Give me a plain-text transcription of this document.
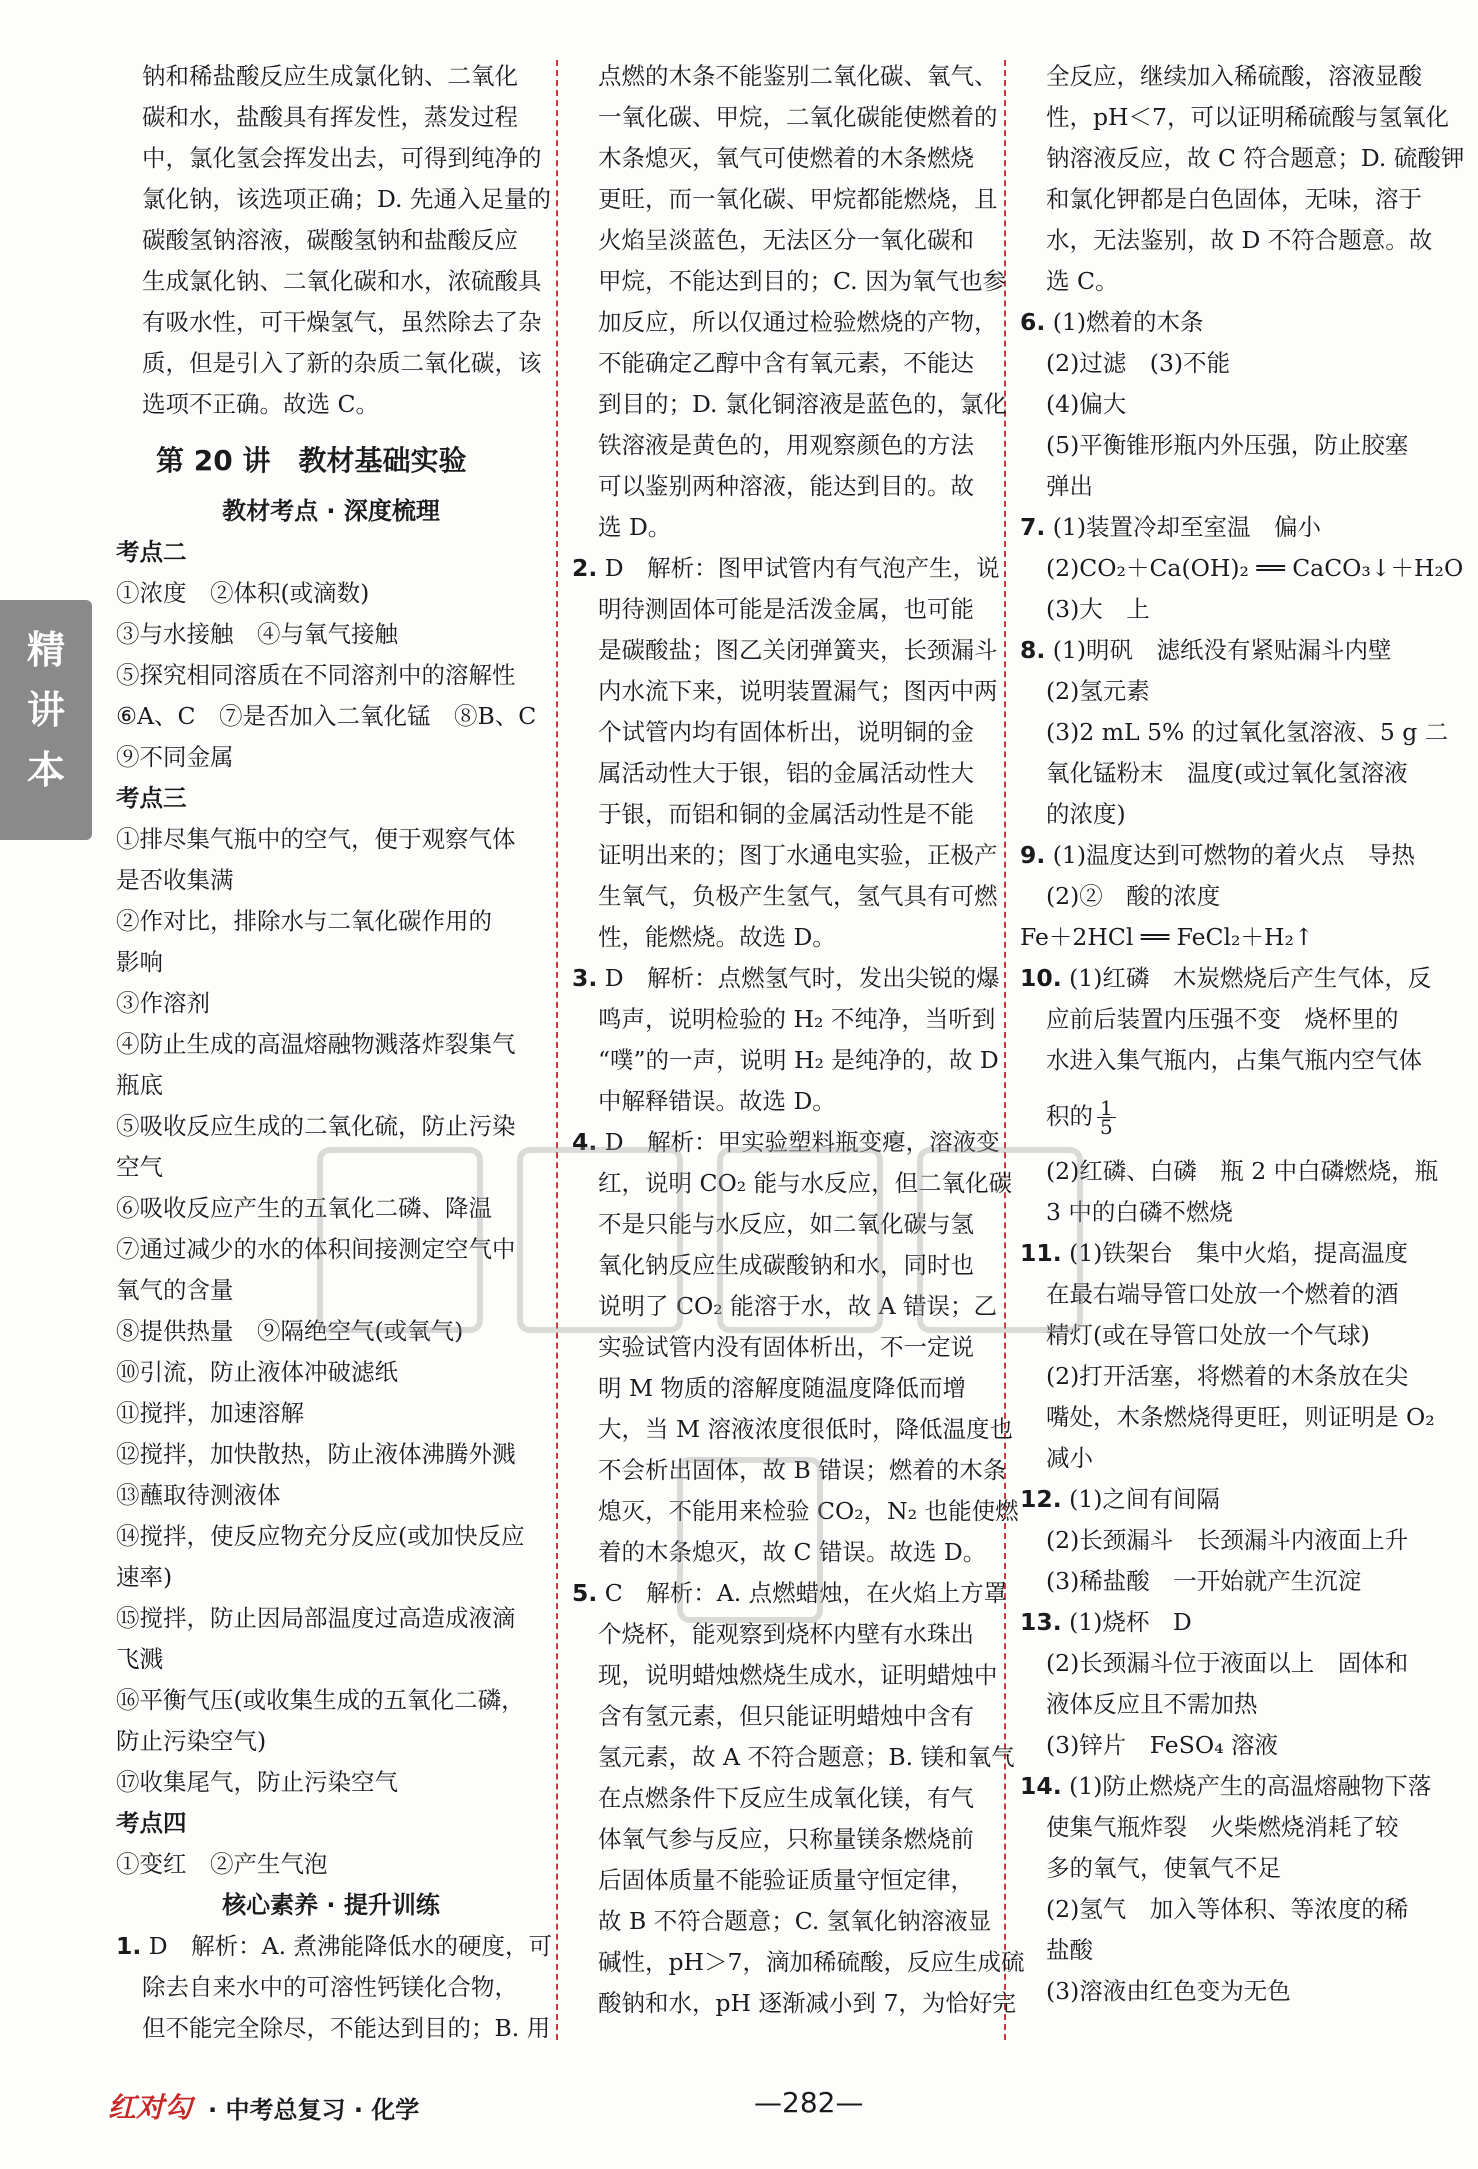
精
讲
本
钠和稀盐酸反应生成氯化钠、二氧化
碳和水，盐酸具有挥发性，蒸发过程
中，氯化氢会挥发出去，可得到纯净的
氯化钠，该选项正确；D. 先通入足量的
碳酸氢钠溶液，碳酸氢钠和盐酸反应
生成氯化钠、二氧化碳和水，浓硫酸具
有吸水性，可干燥氢气，虽然除去了杂
质，但是引入了新的杂质二氧化碳，该
选项不正确。故选 C。
第 20 讲　教材基础实验
教材考点 · 深度梳理
考点二
①浓度　②体积(或滴数)
③与水接触　④与氧气接触
⑤探究相同溶质在不同溶剂中的溶解性
⑥A、C　⑦是否加入二氧化锰　⑧B、C
⑨不同金属
考点三
①排尽集气瓶中的空气，便于观察气体
是否收集满
②作对比，排除水与二氧化碳作用的
影响
③作溶剂
④防止生成的高温熔融物溅落炸裂集气
瓶底
⑤吸收反应生成的二氧化硫，防止污染
空气
⑥吸收反应产生的五氧化二磷、降温
⑦通过减少的水的体积间接测定空气中
氧气的含量
⑧提供热量　⑨隔绝空气(或氧气)
⑩引流，防止液体冲破滤纸
⑪搅拌，加速溶解
⑫搅拌，加快散热，防止液体沸腾外溅
⑬蘸取待测液体
⑭搅拌，使反应物充分反应(或加快反应
速率)
⑮搅拌，防止因局部温度过高造成液滴
飞溅
⑯平衡气压(或收集生成的五氧化二磷，
防止污染空气)
⑰收集尾气，防止污染空气
考点四
①变红　②产生气泡
核心素养 · 提升训练
1. D　解析：A. 煮沸能降低水的硬度，可
除去自来水中的可溶性钙镁化合物，
但不能完全除尽，不能达到目的；B. 用
点燃的木条不能鉴别二氧化碳、氧气、
一氧化碳、甲烷，二氧化碳能使燃着的
木条熄灭，氧气可使燃着的木条燃烧
更旺，而一氧化碳、甲烷都能燃烧，且
火焰呈淡蓝色，无法区分一氧化碳和
甲烷，不能达到目的；C. 因为氧气也参
加反应，所以仅通过检验燃烧的产物，
不能确定乙醇中含有氧元素，不能达
到目的；D. 氯化铜溶液是蓝色的，氯化
铁溶液是黄色的，用观察颜色的方法
可以鉴别两种溶液，能达到目的。故
选 D。
2. D　解析：图甲试管内有气泡产生，说
明待测固体可能是活泼金属，也可能
是碳酸盐；图乙关闭弹簧夹，长颈漏斗
内水流下来，说明装置漏气；图丙中两
个试管内均有固体析出，说明铜的金
属活动性大于银，铝的金属活动性大
于银，而铝和铜的金属活动性是不能
证明出来的；图丁水通电实验，正极产
生氧气，负极产生氢气，氢气具有可燃
性，能燃烧。故选 D。
3. D　解析：点燃氢气时，发出尖锐的爆
鸣声，说明检验的 H₂ 不纯净，当听到
“噗”的一声，说明 H₂ 是纯净的，故 D
中解释错误。故选 D。
4. D　解析：甲实验塑料瓶变瘪，溶液变
红，说明 CO₂ 能与水反应，但二氧化碳
不是只能与水反应，如二氧化碳与氢
氧化钠反应生成碳酸钠和水，同时也
说明了 CO₂ 能溶于水，故 A 错误；乙
实验试管内没有固体析出，不一定说
明 M 物质的溶解度随温度降低而增
大，当 M 溶液浓度很低时，降低温度也
不会析出固体，故 B 错误；燃着的木条
熄灭，不能用来检验 CO₂，N₂ 也能使燃
着的木条熄灭，故 C 错误。故选 D。
5. C　解析：A. 点燃蜡烛，在火焰上方罩
个烧杯，能观察到烧杯内壁有水珠出
现，说明蜡烛燃烧生成水，证明蜡烛中
含有氢元素，但只能证明蜡烛中含有
氢元素，故 A 不符合题意；B. 镁和氧气
在点燃条件下反应生成氧化镁，有气
体氧气参与反应，只称量镁条燃烧前
后固体质量不能验证质量守恒定律，
故 B 不符合题意；C. 氢氧化钠溶液显
碱性，pH＞7，滴加稀硫酸，反应生成硫
酸钠和水，pH 逐渐减小到 7，为恰好完
全反应，继续加入稀硫酸，溶液显酸
性，pH＜7，可以证明稀硫酸与氢氧化
钠溶液反应，故 C 符合题意；D. 硫酸钾
和氯化钾都是白色固体，无味，溶于
水，无法鉴别，故 D 不符合题意。故
选 C。
6. (1)燃着的木条
(2)过滤　(3)不能
(4)偏大
(5)平衡锥形瓶内外压强，防止胶塞
弹出
7. (1)装置冷却至室温　偏小
(2)CO₂＋Ca(OH)₂ ══ CaCO₃↓＋H₂O
(3)大　上
8. (1)明矾　滤纸没有紧贴漏斗内壁
(2)氢元素
(3)2 mL 5% 的过氧化氢溶液、5 g 二
氧化锰粉末　温度(或过氧化氢溶液
的浓度)
9. (1)温度达到可燃物的着火点　导热
(2)②　酸的浓度
Fe＋2HCl ══ FeCl₂＋H₂↑
10. (1)红磷　木炭燃烧后产生气体，反
应前后装置内压强不变　烧杯里的
水进入集气瓶内，占集气瓶内空气体
积的 $\frac{1}{5}$
(2)红磷、白磷　瓶 2 中白磷燃烧，瓶
3 中的白磷不燃烧
11. (1)铁架台　集中火焰，提高温度
在最右端导管口处放一个燃着的酒
精灯(或在导管口处放一个气球)
(2)打开活塞，将燃着的木条放在尖
嘴处，木条燃烧得更旺，则证明是 O₂
减小
12. (1)之间有间隔
(2)长颈漏斗　长颈漏斗内液面上升
(3)稀盐酸　一开始就产生沉淀
13. (1)烧杯　D
(2)长颈漏斗位于液面以上　固体和
液体反应且不需加热
(3)锌片　FeSO₄ 溶液
14. (1)防止燃烧产生的高温熔融物下落
使集气瓶炸裂　火柴燃烧消耗了较
多的氧气，使氧气不足
(2)氢气　加入等体积、等浓度的稀
盐酸
(3)溶液由红色变为无色
红对勾 · 中考总复习 · 化学	—282—
